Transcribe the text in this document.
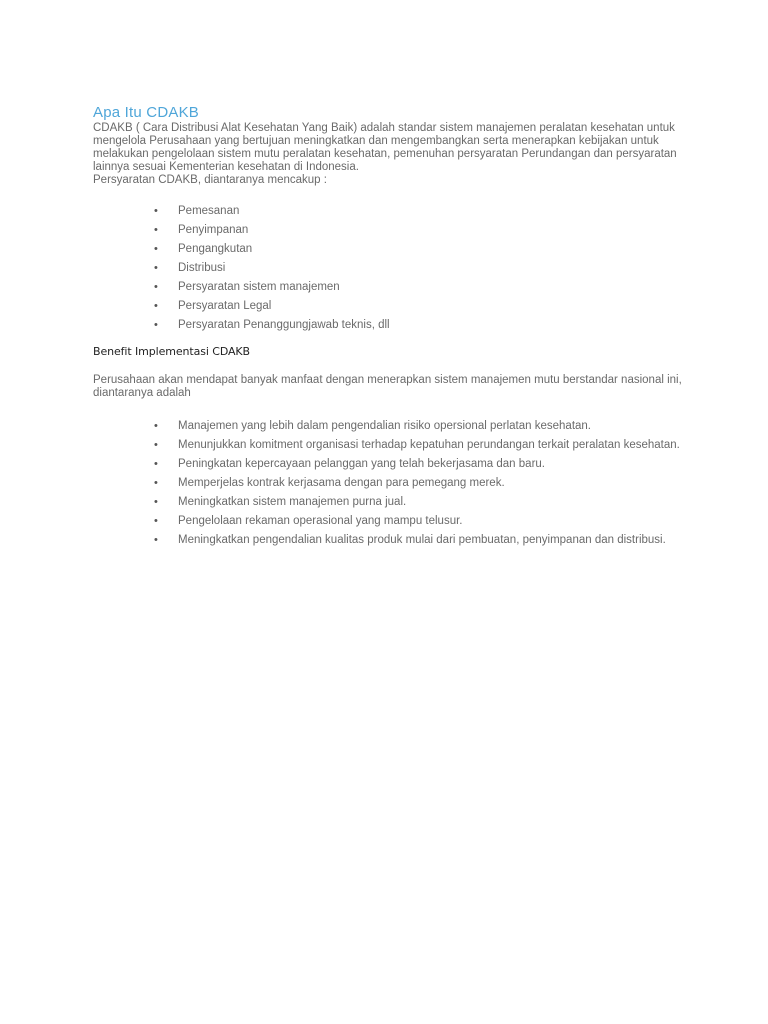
Apa Itu CDAKB

CDAKB ( Cara Distribusi Alat Kesehatan Yang Baik) adalah standar sistem manajemen peralatan kesehatan untuk mengelola Perusahaan yang bertujuan meningkatkan dan mengembangkan serta menerapkan kebijakan untuk melakukan pengelolaan sistem mutu peralatan kesehatan, pemenuhan persyaratan Perundangan dan persyaratan lainnya sesuai Kementerian kesehatan di Indonesia.

Persyaratan CDAKB, diantaranya mencakup :

• Pemesanan
• Penyimpanan
• Pengangkutan
• Distribusi
• Persyaratan sistem manajemen
• Persyaratan Legal
• Persyaratan Penanggungjawab teknis, dll
Benefit Implementasi CDAKB

Perusahaan akan mendapat banyak manfaat dengan menerapkan sistem manajemen mutu berstandar nasional ini, diantaranya adalah

• Manajemen yang lebih dalam pengendalian risiko opersional perlatan kesehatan.
• Menunjukkan komitment organisasi terhadap kepatuhan perundangan terkait peralatan kesehatan.
• Peningkatan kepercayaan pelanggan yang telah bekerjasama dan baru.
• Memperjelas kontrak kerjasama dengan para pemegang merek.
• Meningkatkan sistem manajemen purna jual.
• Pengelolaan rekaman operasional yang mampu telusur.
• Meningkatkan pengendalian kualitas produk mulai dari pembuatan, penyimpanan dan distribusi.
